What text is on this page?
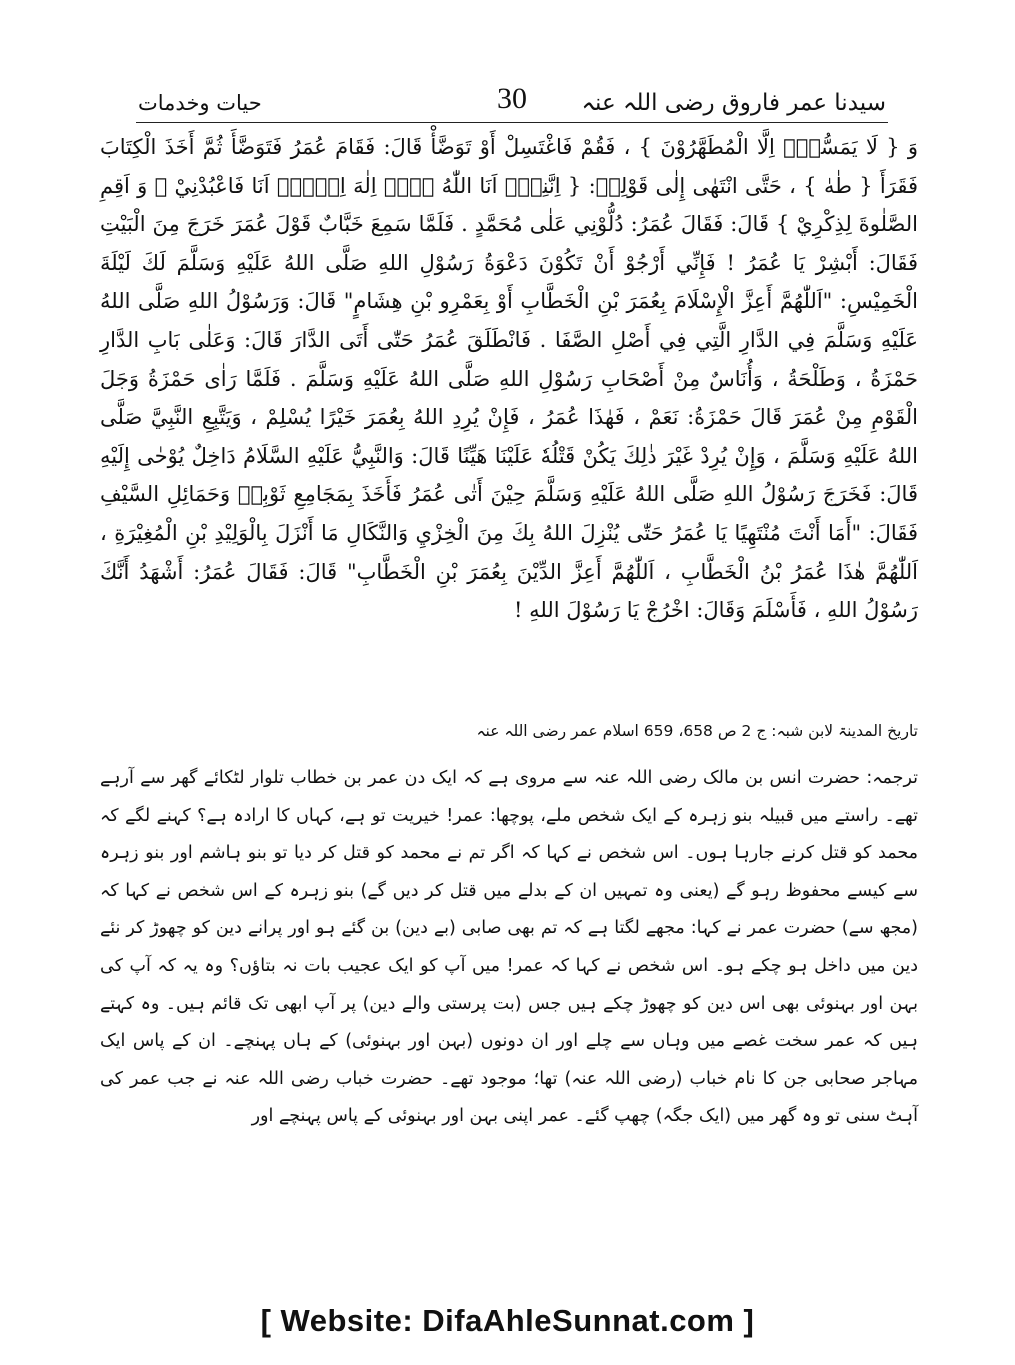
سیدنا عمر فاروق رضی اللہ عنہ
30
حیات وخدمات

وَ { لَا يَمَسُّهٗۤ اِلَّا الْمُطَهَّرُوْنَ } ، فَقُمْ فَاغْتَسِلْ أَوْ تَوَضَّأْ قَالَ: فَقَامَ عُمَرُ فَتَوَضَّأَ ثُمَّ أَخَذَ الْكِتَابَ فَقَرَأَ { طٰهٰ } ، حَتَّى انْتَهٰى إِلٰى قَوْلِهٖ: { اِنَّنِيْۤ اَنَا اللّٰهُ لَاۤ اِلٰهَ اِلَّاۤ اَنَا فَاعْبُدْنِيْ ۙ وَ اَقِمِ الصَّلٰوةَ لِذِكْرِيْ } قَالَ: فَقَالَ عُمَرُ: دُلُّوْنِي عَلٰى مُحَمَّدٍ . فَلَمَّا سَمِعَ خَبَّابٌ قَوْلَ عُمَرَ خَرَجَ مِنَ الْبَيْتِ فَقَالَ: أَبْشِرْ يَا عُمَرُ ! فَإِنِّي أَرْجُوْ أَنْ تَكُوْنَ دَعْوَةُ رَسُوْلِ اللهِ صَلَّى اللهُ عَلَيْهِ وَسَلَّمَ لَكَ لَيْلَةَ الْخَمِيْسِ: "اَللّٰهُمَّ أَعِزَّ الْإِسْلَامَ بِعُمَرَ بْنِ الْخَطَّابِ أَوْ بِعَمْرِو بْنِ هِشَامٍ" قَالَ: وَرَسُوْلُ اللهِ صَلَّى اللهُ عَلَيْهِ وَسَلَّمَ فِي الدَّارِ الَّتِي فِي أَصْلِ الصَّفَا . فَانْطَلَقَ عُمَرُ حَتّٰى أَتَى الدَّارَ قَالَ: وَعَلٰى بَابِ الدَّارِ حَمْزَةُ ، وَطَلْحَةُ ، وَأُنَاسٌ مِنْ أَصْحَابِ رَسُوْلِ اللهِ صَلَّى اللهُ عَلَيْهِ وَسَلَّمَ . فَلَمَّا رَاٰى حَمْزَةُ وَجَلَ الْقَوْمِ مِنْ عُمَرَ قَالَ حَمْزَةُ: نَعَمْ ، فَهٰذَا عُمَرُ ، فَإِنْ يُرِدِ اللهُ بِعُمَرَ خَيْرًا يُسْلِمْ ، وَيَتَّبِعِ النَّبِيَّ صَلَّى اللهُ عَلَيْهِ وَسَلَّمَ ، وَإِنْ يُرِدْ غَيْرَ ذٰلِكَ يَكُنْ قَتْلُهٗ عَلَيْنَا هَيِّنًا قَالَ: وَالنَّبِيُّ عَلَيْهِ السَّلَامُ دَاخِلٌ يُوْحٰى إِلَيْهِ قَالَ: فَخَرَجَ رَسُوْلُ اللهِ صَلَّى اللهُ عَلَيْهِ وَسَلَّمَ حِيْنَ أَتٰى عُمَرُ فَأَخَذَ بِمَجَامِعِ ثَوْبِهٖ وَحَمَائِلِ السَّيْفِ فَقَالَ: "أَمَا أَنْتَ مُنْتَهِيًا يَا عُمَرُ حَتّٰى يُنْزِلَ اللهُ بِكَ مِنَ الْخِزْيِ وَالنَّكَالِ مَا أَنْزَلَ بِالْوَلِيْدِ بْنِ الْمُغِيْرَةِ ، اَللّٰهُمَّ هٰذَا عُمَرُ بْنُ الْخَطَّابِ ، اَللّٰهُمَّ أَعِزَّ الدِّيْنَ بِعُمَرَ بْنِ الْخَطَّابِ" قَالَ: فَقَالَ عُمَرُ: أَشْهَدُ أَنَّكَ رَسُوْلُ اللهِ ، فَأَسْلَمَ وَقَالَ: اخْرُجْ يَا رَسُوْلَ اللهِ !

تاریخ المدینۃ لابن شبہ: ج 2 ص 658، 659 اسلام عمر رضی اللہ عنہ

ترجمہ: حضرت انس بن مالک رضی اللہ عنہ سے مروی ہے کہ ایک دن عمر بن خطاب تلوار لٹکائے گھر سے آرہے تھے۔ راستے میں قبیلہ بنو زہرہ کے ایک شخص ملے، پوچھا: عمر! خیریت تو ہے، کہاں کا ارادہ ہے؟ کہنے لگے کہ محمد کو قتل کرنے جارہا ہوں۔ اس شخص نے کہا کہ اگر تم نے محمد کو قتل کر دیا تو بنو ہاشم اور بنو زہرہ سے کیسے محفوظ رہو گے (یعنی وہ تمہیں ان کے بدلے میں قتل کر دیں گے) بنو زہرہ کے اس شخص نے کہا کہ (مجھ سے) حضرت عمر نے کہا: مجھے لگتا ہے کہ تم بھی صابی (بے دین) بن گئے ہو اور پرانے دین کو چھوڑ کر نئے دین میں داخل ہو چکے ہو۔ اس شخص نے کہا کہ عمر! میں آپ کو ایک عجیب بات نہ بتاؤں؟ وہ یہ کہ آپ کی بہن اور بہنوئی بھی اس دین کو چھوڑ چکے ہیں جس (بت پرستی والے دین) پر آپ ابھی تک قائم ہیں۔ وہ کہتے ہیں کہ عمر سخت غصے میں وہاں سے چلے اور ان دونوں (بہن اور بہنوئی) کے ہاں پہنچے۔ ان کے پاس ایک مہاجر صحابی جن کا نام خباب (رضی اللہ عنہ) تھا؛ موجود تھے۔ حضرت خباب رضی اللہ عنہ نے جب عمر کی آہٹ سنی تو وہ گھر میں (ایک جگہ) چھپ گئے۔ عمر اپنی بہن اور بہنوئی کے پاس پہنچے اور

[ Website: DifaAhleSunnat.com ]
